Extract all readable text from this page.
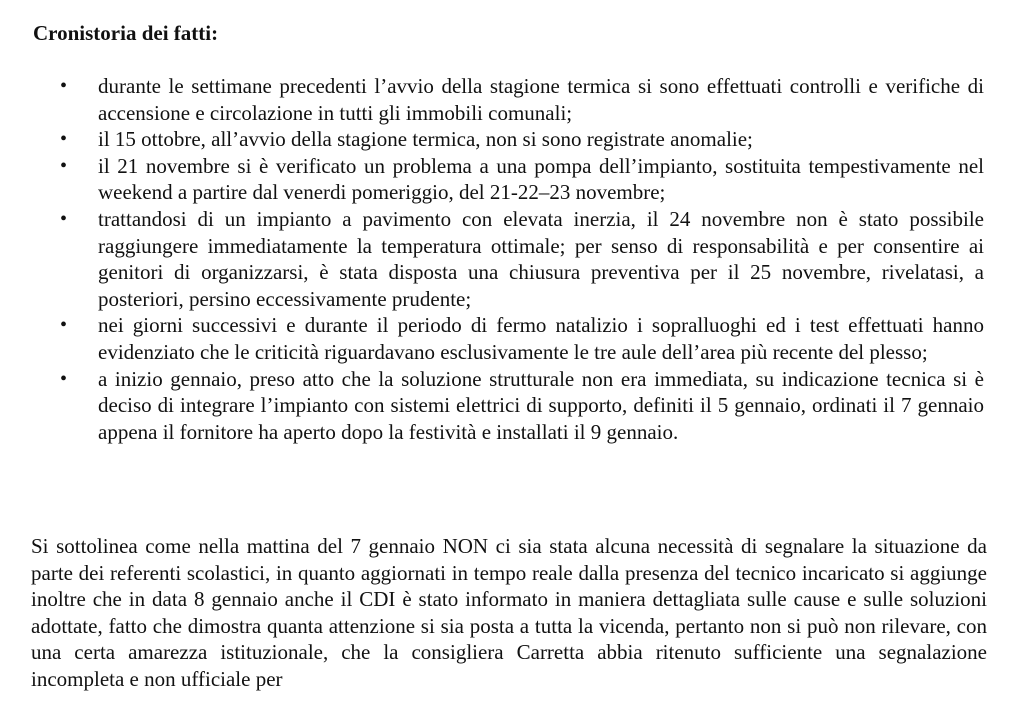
Cronistoria dei fatti:
• durante le settimane precedenti l’avvio della stagione termica si sono effettuati controlli e verifiche di accensione e circolazione in tutti gli immobili comunali;
• il 15 ottobre, all’avvio della stagione termica, non si sono registrate anomalie;
• il 21 novembre si è verificato un problema a una pompa dell’impianto, sostituita tempestivamente nel weekend a partire dal venerdi pomeriggio, del 21-22–23 novembre;
• trattandosi di un impianto a pavimento con elevata inerzia, il 24 novembre non è stato possibile raggiungere immediatamente la temperatura ottimale; per senso di responsabilità e per consentire ai genitori di organizzarsi, è stata disposta una chiusura preventiva per il 25 novembre, rivelatasi, a posteriori, persino eccessivamente prudente;
• nei giorni successivi e durante il periodo di fermo natalizio i sopralluoghi ed i test effettuati hanno evidenziato che le criticità riguardavano esclusivamente le tre aule dell’area più recente del plesso;
• a inizio gennaio, preso atto che la soluzione strutturale non era immediata, su indicazione tecnica si è deciso di integrare l’impianto con sistemi elettrici di supporto, definiti il 5 gennaio, ordinati il 7 gennaio appena il fornitore ha aperto dopo la festività e installati il 9 gennaio.

Si sottolinea come nella mattina del 7 gennaio NON ci sia stata alcuna necessità di segnalare la situazione da parte dei referenti scolastici, in quanto aggiornati in tempo reale dalla presenza del tecnico incaricato si aggiunge inoltre che in data 8 gennaio anche il CDI è stato informato in maniera dettagliata sulle cause e sulle soluzioni adottate, fatto che dimostra quanta attenzione si sia posta a tutta la vicenda, pertanto non si può non rilevare, con una certa amarezza istituzionale, che la consigliera Carretta abbia ritenuto sufficiente una segnalazione incompleta e non ufficiale per
